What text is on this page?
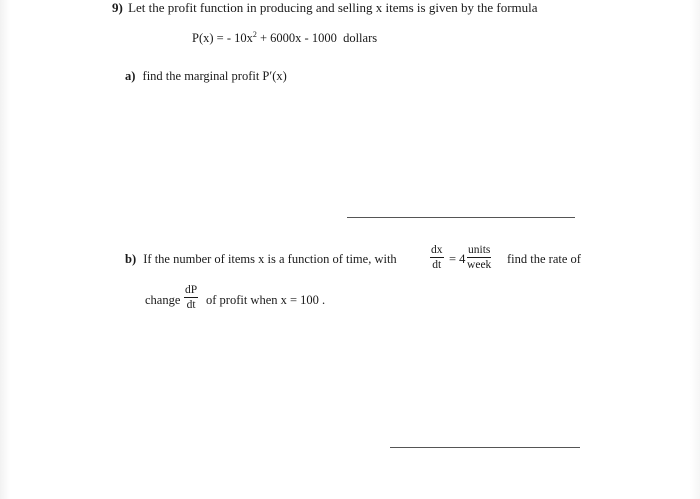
9) Let the profit function in producing and selling x items is given by the formula
P(x) = - $10x^2 + 6000x - 1000$  dollars
a) find the marginal profit P′(x)
b) If the number of items x is a function of time, with	$\frac{dx}{dt} = 4$
units
week find the rate of
change $\frac{dP}{dt}$ of profit when x = 100 .
